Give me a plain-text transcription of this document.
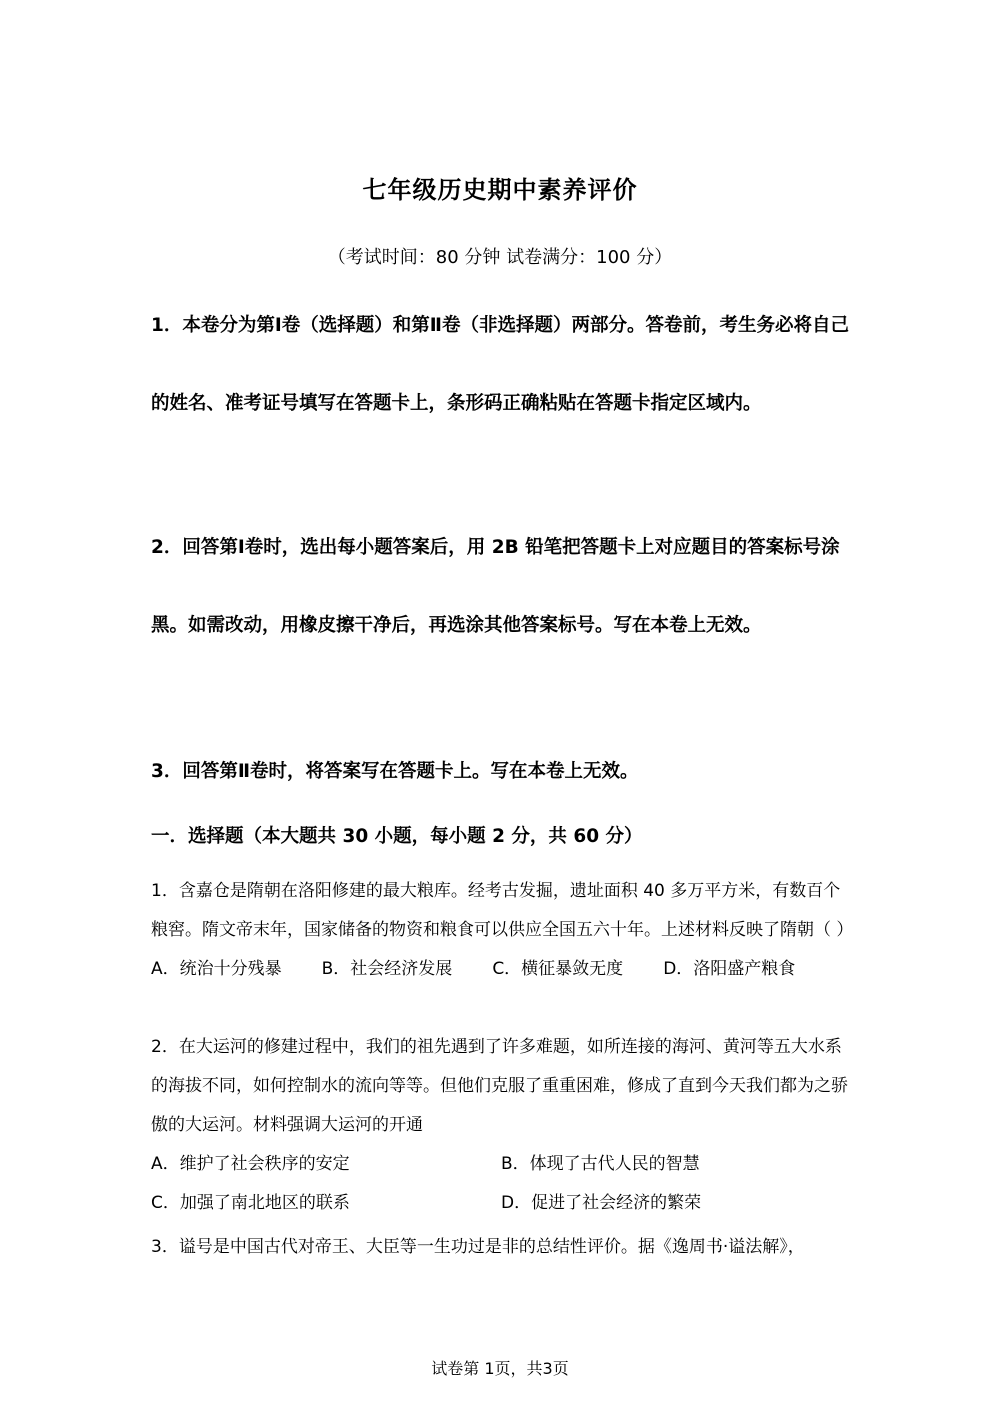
七年级历史期中素养评价
（考试时间：80 分钟 试卷满分：100 分）
1．本卷分为第Ⅰ卷（选择题）和第Ⅱ卷（非选择题）两部分。答卷前，考生务必将自己的姓名、准考证号填写在答题卡上，条形码正确粘贴在答题卡指定区域内。
2．回答第Ⅰ卷时，选出每小题答案后，用 2B 铅笔把答题卡上对应题目的答案标号涂黑。如需改动，用橡皮擦干净后，再选涂其他答案标号。写在本卷上无效。
3．回答第Ⅱ卷时，将答案写在答题卡上。写在本卷上无效。
一．选择题（本大题共 30 小题，每小题 2 分，共 60 分）
1．含嘉仓是隋朝在洛阳修建的最大粮库。经考古发掘，遗址面积 40 多万平方米，有数百个粮窖。隋文帝末年，国家储备的物资和粮食可以供应全国五六十年。上述材料反映了隋朝（ ）
A．统治十分残暴 B．社会经济发展 C．横征暴敛无度 D．洛阳盛产粮食
2．在大运河的修建过程中，我们的祖先遇到了许多难题，如所连接的海河、黄河等五大水系的海拔不同，如何控制水的流向等等。但他们克服了重重困难，修成了直到今天我们都为之骄傲的大运河。材料强调大运河的开通
A．维护了社会秩序的安定	B．体现了古代人民的智慧
C．加强了南北地区的联系	D．促进了社会经济的繁荣
3．谥号是中国古代对帝王、大臣等一生功过是非的总结性评价。据《逸周书·谥法解》，
试卷第 1页，共3页
